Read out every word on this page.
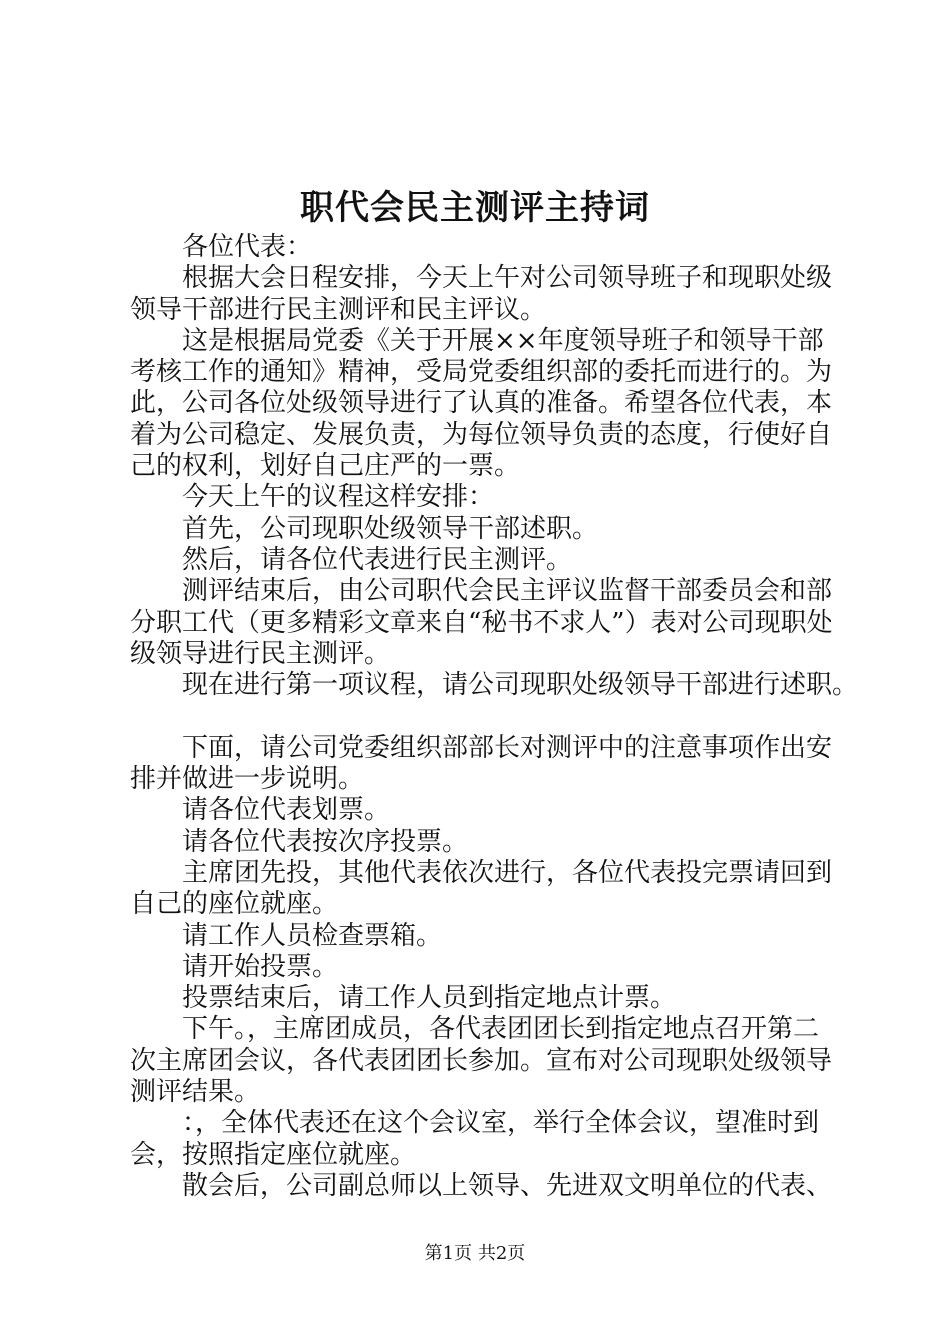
职代会民主测评主持词

各位代表：

根据大会日程安排，今天上午对公司领导班子和现职处级领导干部进行民主测评和民主评议。

这是根据局党委《关于开展××年度领导班子和领导干部考核工作的通知》精神，受局党委组织部的委托而进行的。为此，公司各位处级领导进行了认真的准备。希望各位代表，本着为公司稳定、发展负责，为每位领导负责的态度，行使好自己的权利，划好自己庄严的一票。

今天上午的议程这样安排：

首先，公司现职处级领导干部述职。

然后，请各位代表进行民主测评。

测评结束后，由公司职代会民主评议监督干部委员会和部分职工代（更多精彩文章来自“秘书不求人”）表对公司现职处级领导进行民主测评。

现在进行第一项议程，请公司现职处级领导干部进行述职。

下面，请公司党委组织部部长对测评中的注意事项作出安排并做进一步说明。

请各位代表划票。

请各位代表按次序投票。

主席团先投，其他代表依次进行，各位代表投完票请回到自己的座位就座。

请工作人员检查票箱。

请开始投票。

投票结束后，请工作人员到指定地点计票。

下午。，主席团成员，各代表团团长到指定地点召开第二次主席团会议，各代表团团长参加。宣布对公司现职处级领导测评结果。

：，全体代表还在这个会议室，举行全体会议，望准时到会，按照指定座位就座。

散会后，公司副总师以上领导、先进双文明单位的代表、

第1页 共2页
